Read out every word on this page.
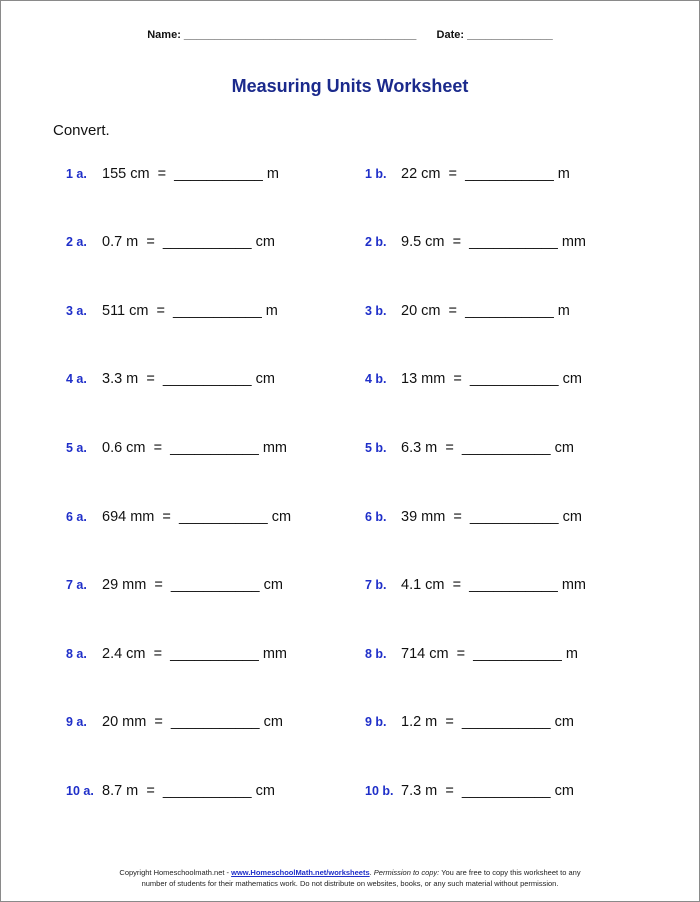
Name: ______________________________________ Date: ______________
Measuring Units Worksheet
Convert.
1 a. 155 cm  =  ___________ m
2 a. 0.7 m  =  ___________ cm
3 a. 511 cm  =  ___________ m
4 a. 3.3 m  =  ___________ cm
5 a. 0.6 cm  =  ___________ mm
6 a. 694 mm  =  ___________ cm
7 a. 29 mm  =  ___________ cm
8 a. 2.4 cm  =  ___________ mm
9 a. 20 mm  =  ___________ cm
10 a. 8.7 m  =  ___________ cm
1 b. 22 cm  =  ___________ m
2 b. 9.5 cm  =  ___________ mm
3 b. 20 cm  =  ___________ m
4 b. 13 mm  =  ___________ cm
5 b. 6.3 m  =  ___________ cm
6 b. 39 mm  =  ___________ cm
7 b. 4.1 cm  =  ___________ mm
8 b. 714 cm  =  ___________ m
9 b. 1.2 m  =  ___________ cm
10 b. 7.3 m  =  ___________ cm
Copyright Homeschoolmath.net - www.HomeschoolMath.net/worksheets. Permission to copy: You are free to copy this worksheet to any
number of students for their mathematics work. Do not distribute on websites, books, or any such material without permission.
